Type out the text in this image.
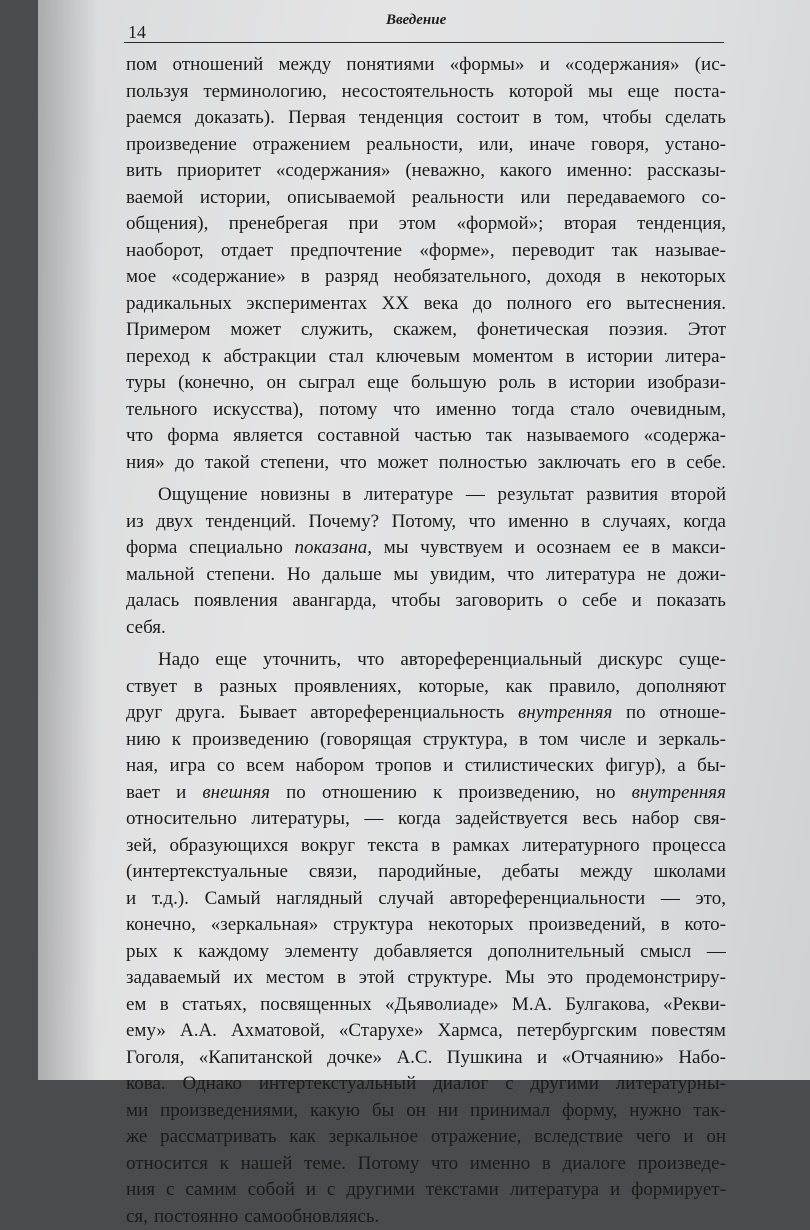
14
Введение
пом отношений между понятиями «формы» и «содержания» (ис-
пользуя терминологию, несостоятельность которой мы еще поста-
раемся доказать). Первая тенденция состоит в том, чтобы сделать
произведение отражением реальности, или, иначе говоря, устано-
вить приоритет «содержания» (неважно, какого именно: рассказы-
ваемой истории, описываемой реальности или передаваемого со-
общения), пренебрегая при этом «формой»; вторая тенденция,
наоборот, отдает предпочтение «форме», переводит так называе-
мое «содержание» в разряд необязательного, доходя в некоторых
радикальных экспериментах XX века до полного его вытеснения.
Примером может служить, скажем, фонетическая поэзия. Этот
переход к абстракции стал ключевым моментом в истории литера-
туры (конечно, он сыграл еще большую роль в истории изобрази-
тельного искусства), потому что именно тогда стало очевидным,
что форма является составной частью так называемого «содержа-
ния» до такой степени, что может полностью заключать его в себе.
Ощущение новизны в литературе — результат развития второй
из двух тенденций. Почему? Потому, что именно в случаях, когда
форма специально показана, мы чувствуем и осознаем ее в макси-
мальной степени. Но дальше мы увидим, что литература не дожи-
далась появления авангарда, чтобы заговорить о себе и показать
себя.
Надо еще уточнить, что автореференциальный дискурс суще-
ствует в разных проявлениях, которые, как правило, дополняют
друг друга. Бывает автореференциальность внутренняя по отноше-
нию к произведению (говорящая структура, в том числе и зеркаль-
ная, игра со всем набором тропов и стилистических фигур), а бы-
вает и внешняя по отношению к произведению, но внутренняя
относительно литературы, — когда задействуется весь набор свя-
зей, образующихся вокруг текста в рамках литературного процесса
(интертекстуальные связи, пародийные, дебаты между школами
и т.д.). Самый наглядный случай автореференциальности — это,
конечно, «зеркальная» структура некоторых произведений, в кото-
рых к каждому элементу добавляется дополнительный смысл —
задаваемый их местом в этой структуре. Мы это продемонстриру-
ем в статьях, посвященных «Дьяволиаде» М.А. Булгакова, «Рекви-
ему» А.А. Ахматовой, «Старухе» Хармса, петербургским повестям
Гоголя, «Капитанской дочке» А.С. Пушкина и «Отчаянию» Набо-
кова. Однако интертекстуальный диалог с другими литературны-
ми произведениями, какую бы он ни принимал форму, нужно так-
же рассматривать как зеркальное отражение, вследствие чего и он
относится к нашей теме. Потому что именно в диалоге произведе-
ния с самим собой и с другими текстами литература и формирует-
ся, постоянно самообновляясь.
